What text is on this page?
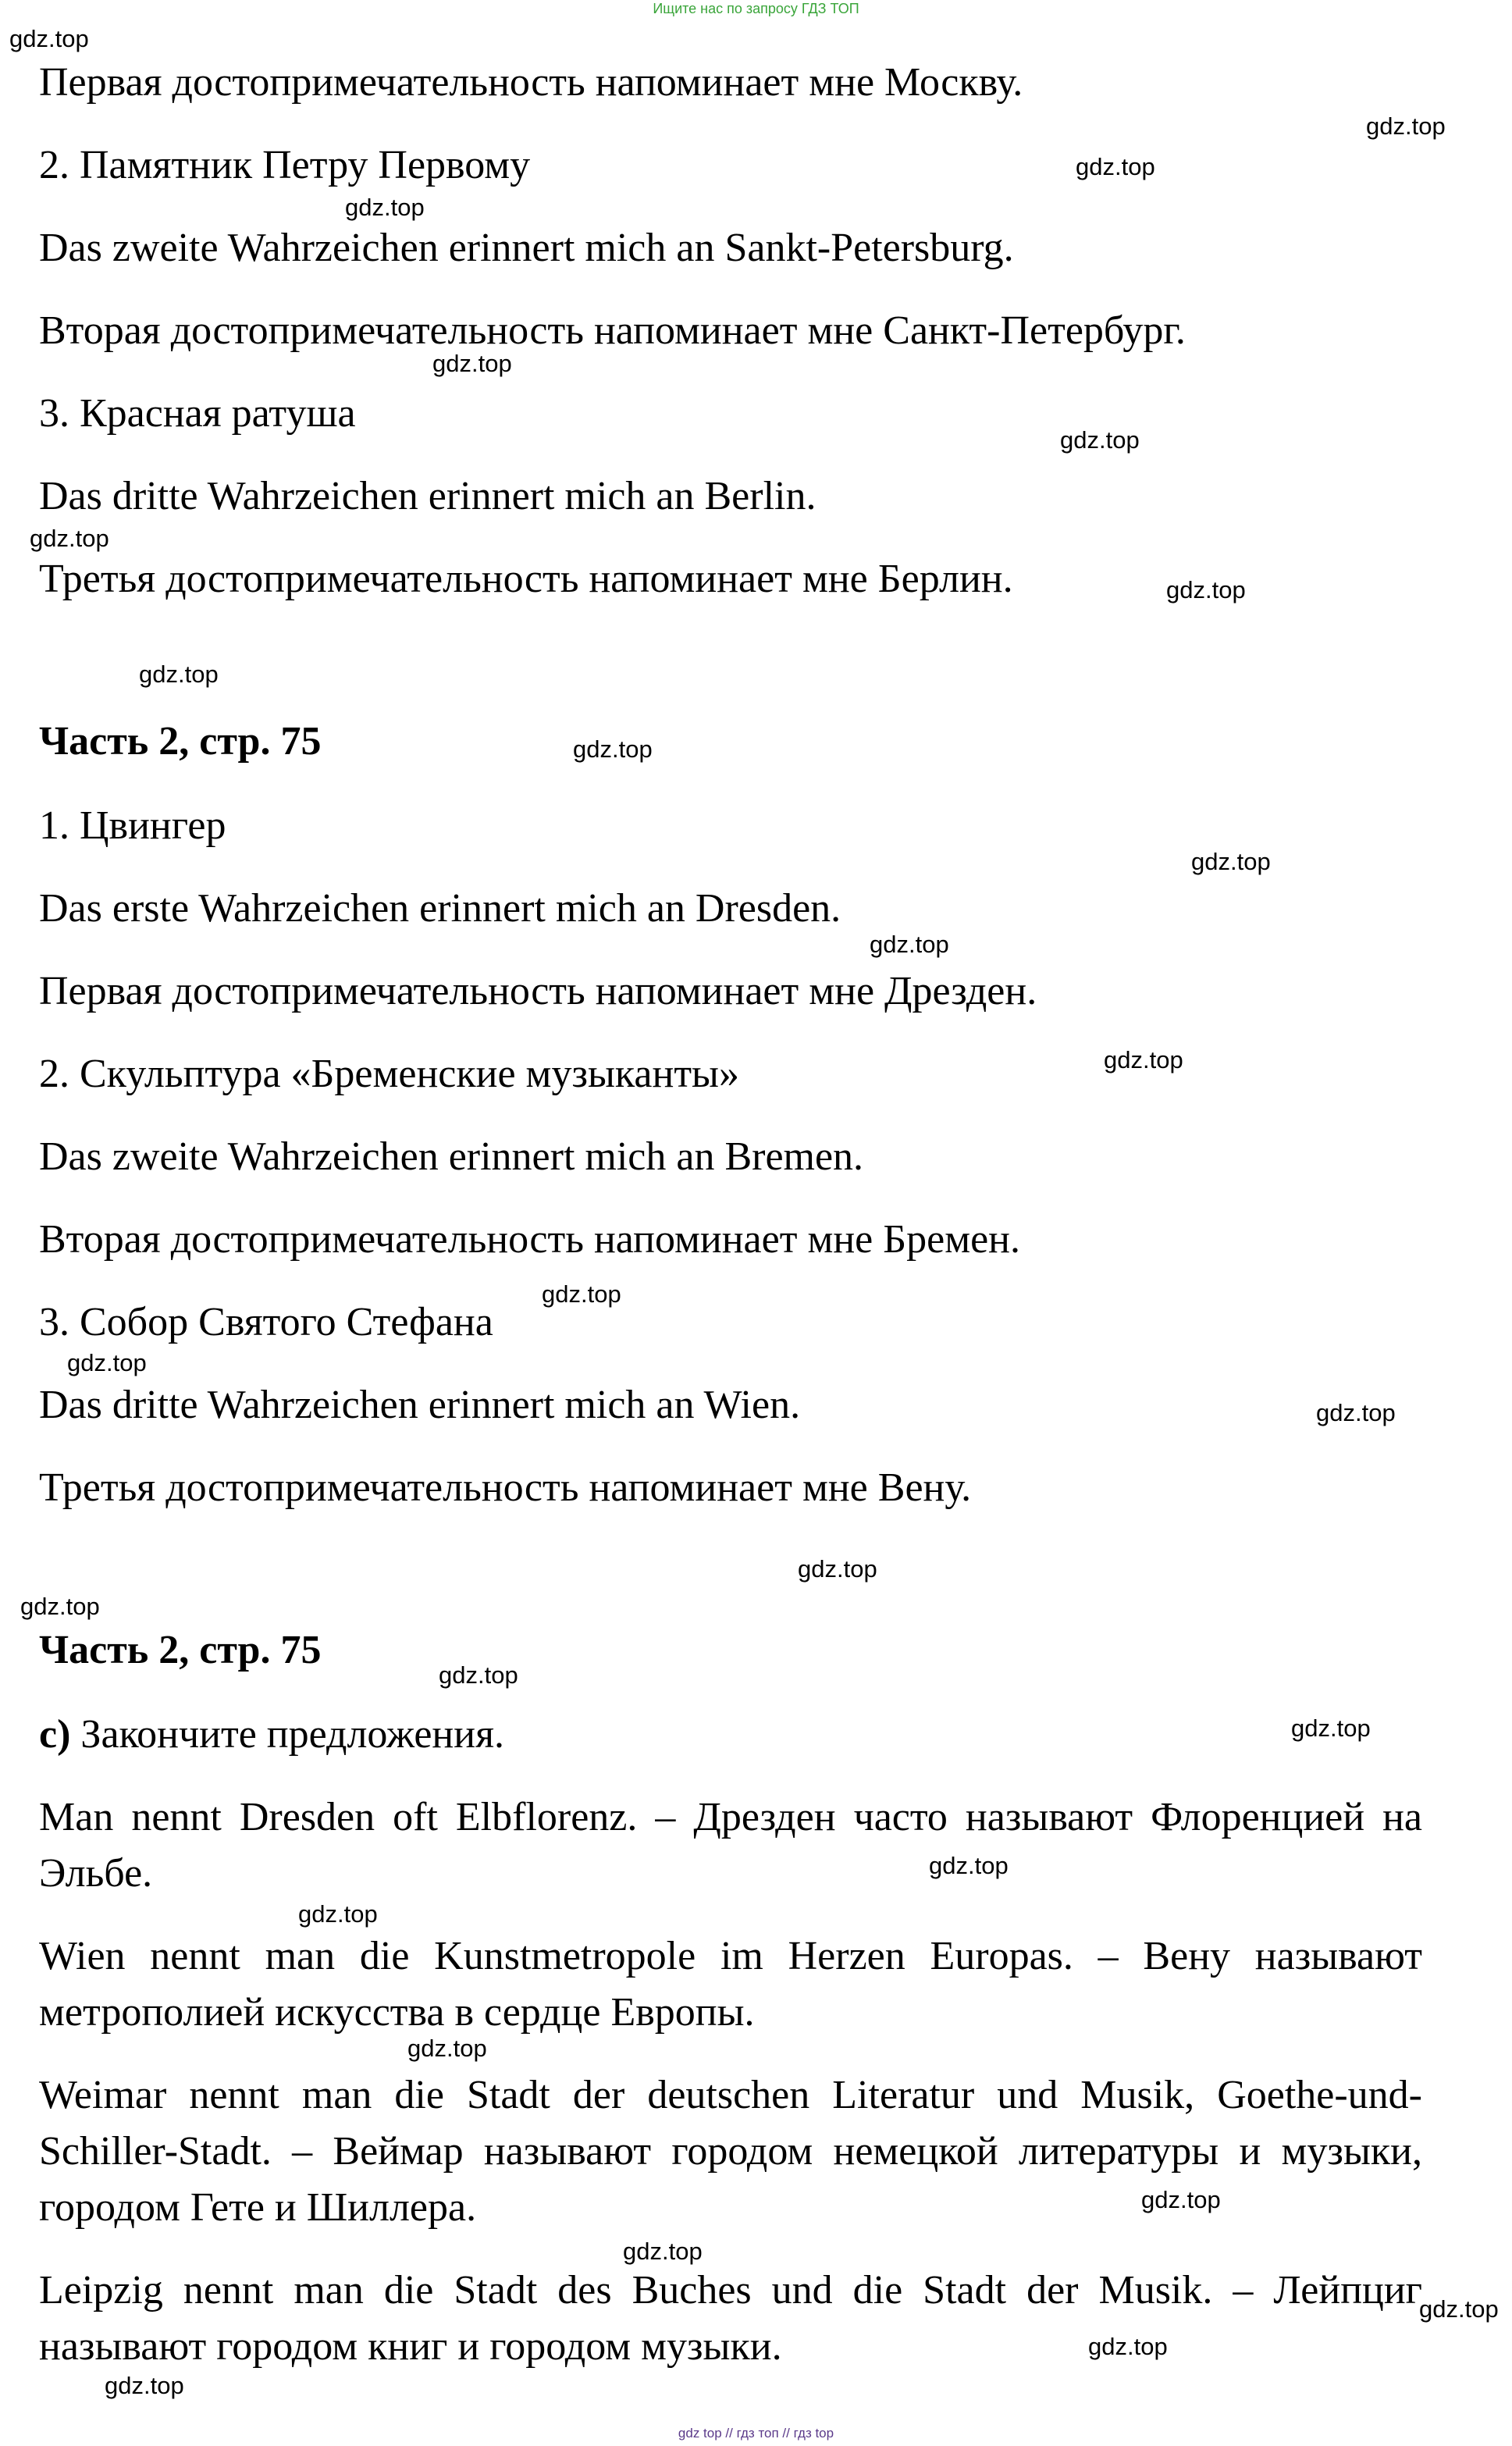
Ищите нас по запросу ГДЗ ТОП
Первая достопримечательность напоминает мне Москву.
2. Памятник Петру Первому
Das zweite Wahrzeichen erinnert mich an Sankt-Petersburg.
Вторая достопримечательность напоминает мне Санкт-Петербург.
3. Красная ратуша
Das dritte Wahrzeichen erinnert mich an Berlin.
Третья достопримечательность напоминает мне Берлин.
Часть 2, стр. 75
1. Цвингер
Das erste Wahrzeichen erinnert mich an Dresden.
Первая достопримечательность напоминает мне Дрезден.
2. Скульптура «Бременские музыканты»
Das zweite Wahrzeichen erinnert mich an Bremen.
Вторая достопримечательность напоминает мне Бремен.
3. Собор Святого Стефана
Das dritte Wahrzeichen erinnert mich an Wien.
Третья достопримечательность напоминает мне Вену.
Часть 2, стр. 75
с) Закончите предложения.
Man nennt Dresden oft Elbflorenz. – Дрезден часто называют Флоренцией на Эльбе.
Wien nennt man die Kunstmetropole im Herzen Europas. – Вену называют метрополией искусства в сердце Европы.
Weimar nennt man die Stadt der deutschen Literatur und Musik, Goethe-und-Schiller-Stadt. – Веймар называют городом немецкой литературы и музыки, городом Гете и Шиллера.
Leipzig nennt man die Stadt des Buches und die Stadt der Musik. – Лейпциг называют городом книг и городом музыки.
gdz.top
gdz.top
gdz.top
gdz.top
gdz.top
gdz.top
gdz.top
gdz.top
gdz.top
gdz.top
gdz.top
gdz.top
gdz.top
gdz.top
gdz.top
gdz.top
gdz.top
gdz.top
gdz.top
gdz.top
gdz.top
gdz.top
gdz.top
gdz.top
gdz.top
gdz.top
gdz.top
gdz.top
gdz top // гдз топ // гдз top
